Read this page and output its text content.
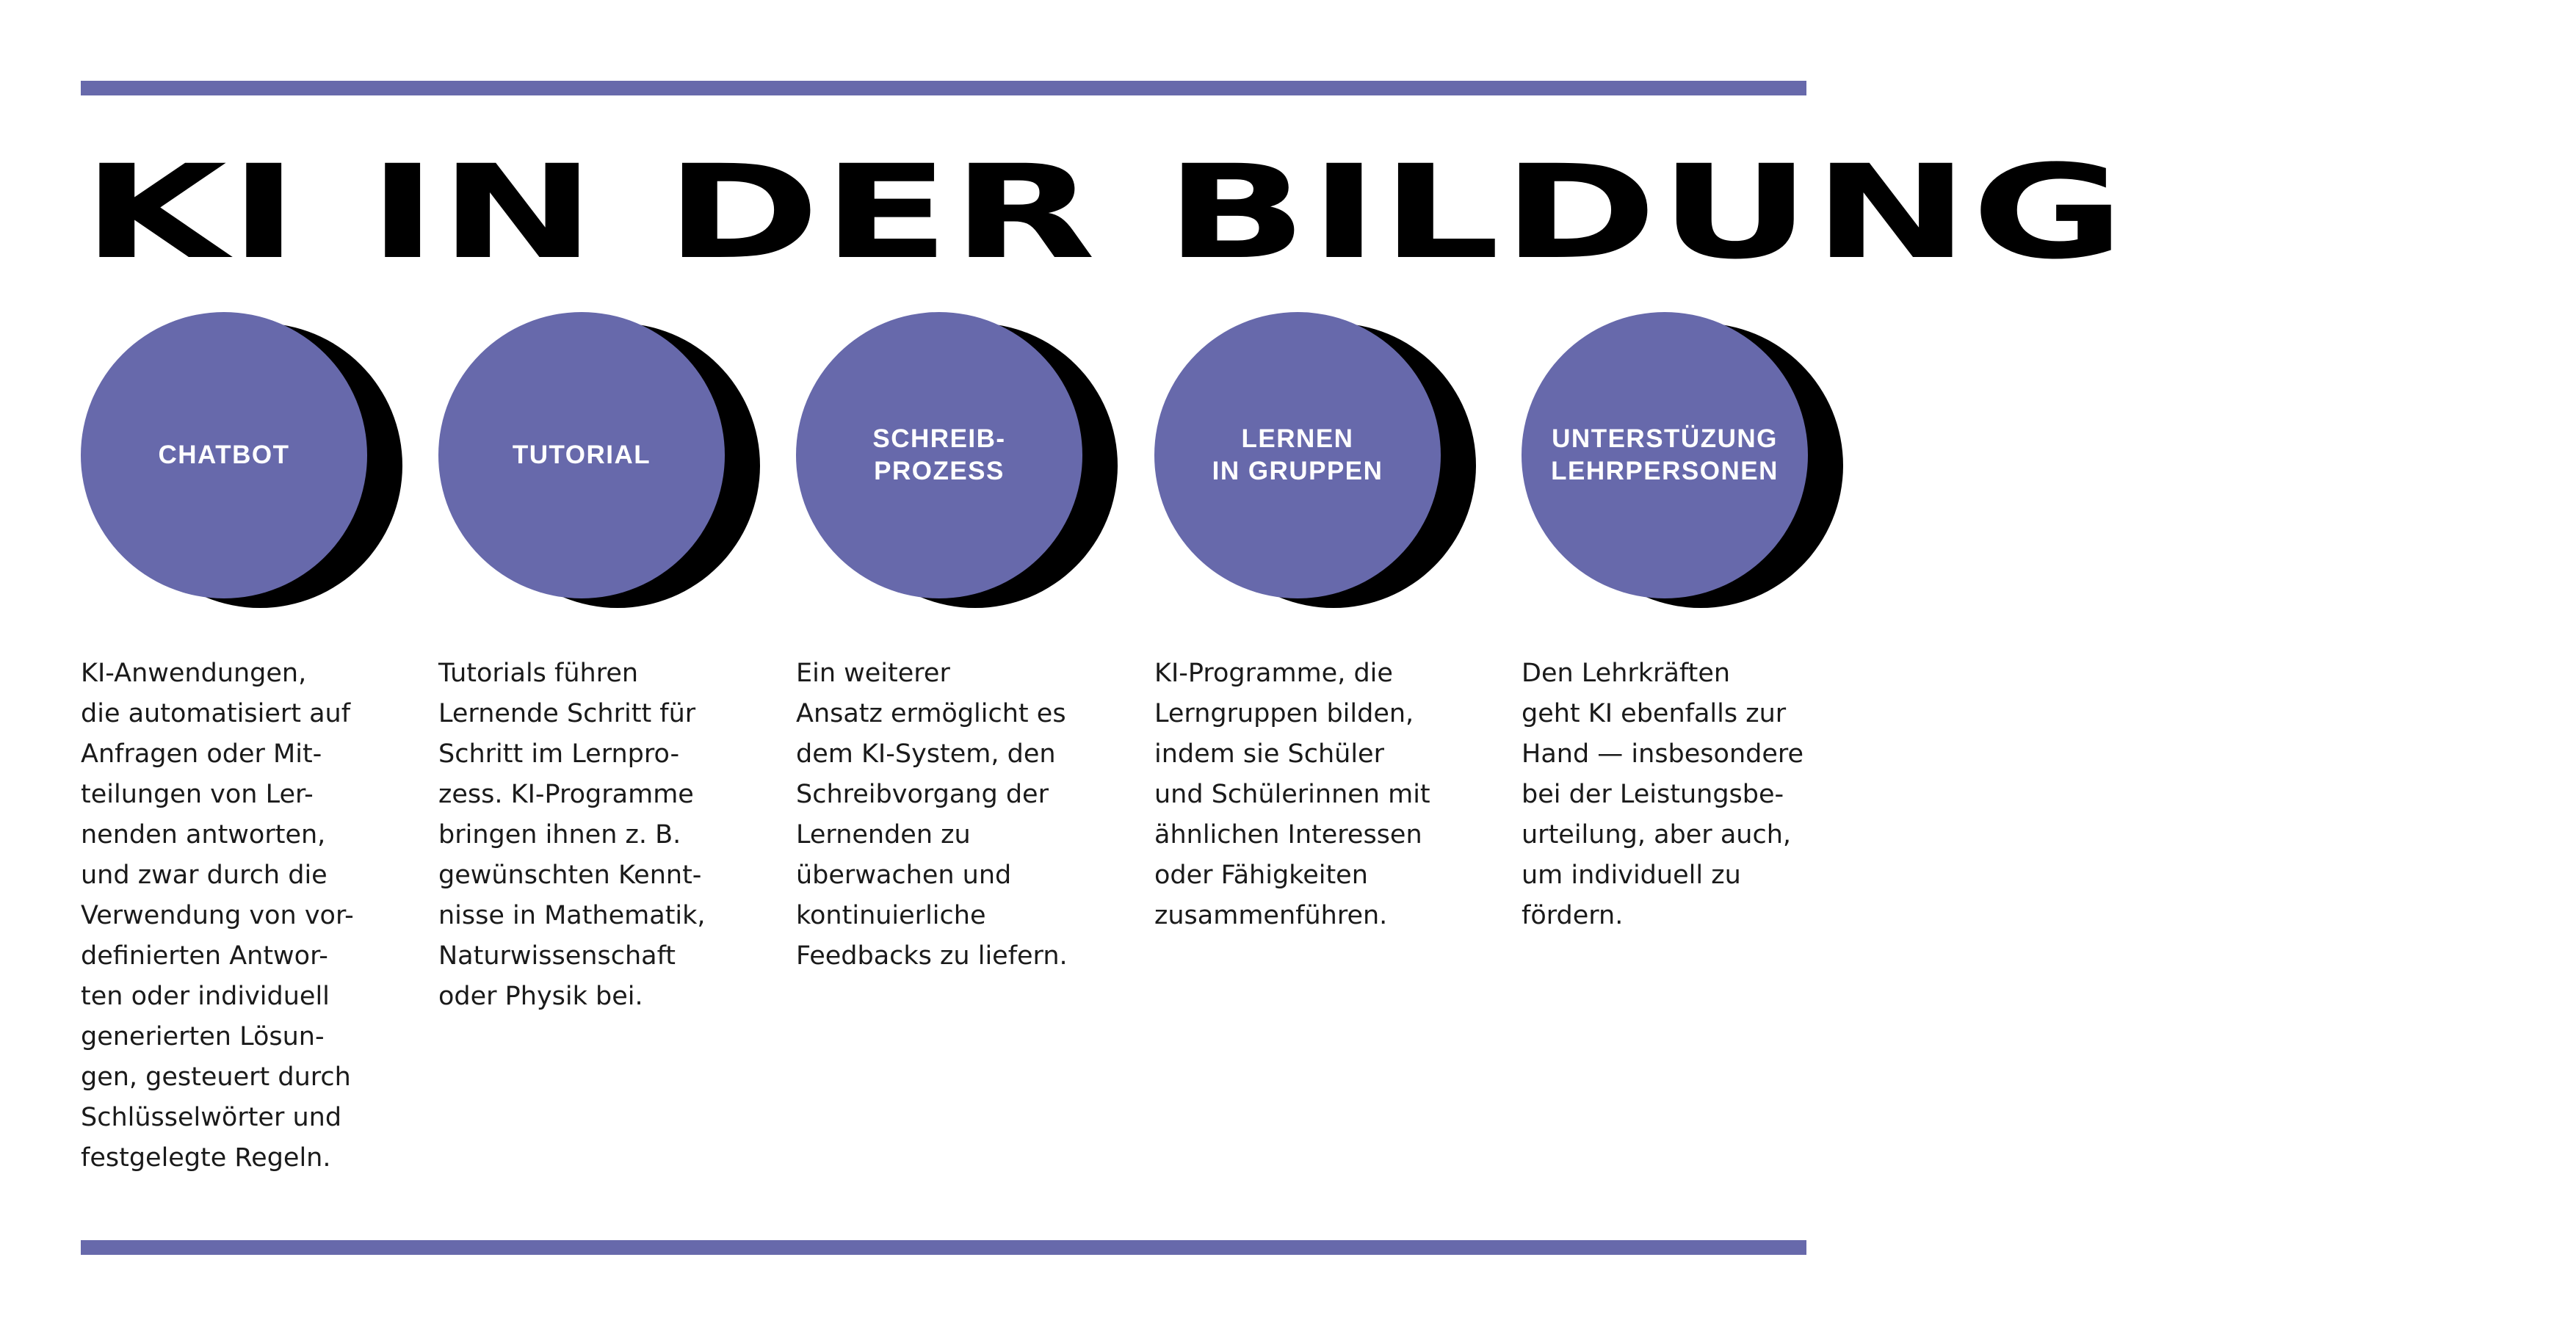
KI IN DER BILDUNG
CHATBOT

KI-Anwendungen,
die automatisiert auf
Anfragen oder Mit-
teilungen von Ler-
nenden antworten,
und zwar durch die
Verwendung von vor-
definierten Antwor-
ten oder individuell
generierten Lösun-
gen, gesteuert durch
Schlüsselwörter und
festgelegte Regeln.

TUTORIAL

Tutorials führen
Lernende Schritt für
Schritt im Lernpro-
zess. KI-Programme
bringen ihnen z. B.
gewünschten Kennt-
nisse in Mathematik,
Naturwissenschaft
oder Physik bei.

SCHREIB-
PROZESS

Ein weiterer
Ansatz ermöglicht es
dem KI-System, den
Schreibvorgang der
Lernenden zu
überwachen und
kontinuierliche
Feedbacks zu liefern.

LERNEN
IN GRUPPEN

KI-Programme, die
Lerngruppen bilden,
indem sie Schüler
und Schülerinnen mit
ähnlichen Interessen
oder Fähigkeiten
zusammenführen.

UNTERSTÜZUNG
LEHRPERSONEN

Den Lehrkräften
geht KI ebenfalls zur
Hand — insbesondere
bei der Leistungsbe-
urteilung, aber auch,
um individuell zu
fördern.
